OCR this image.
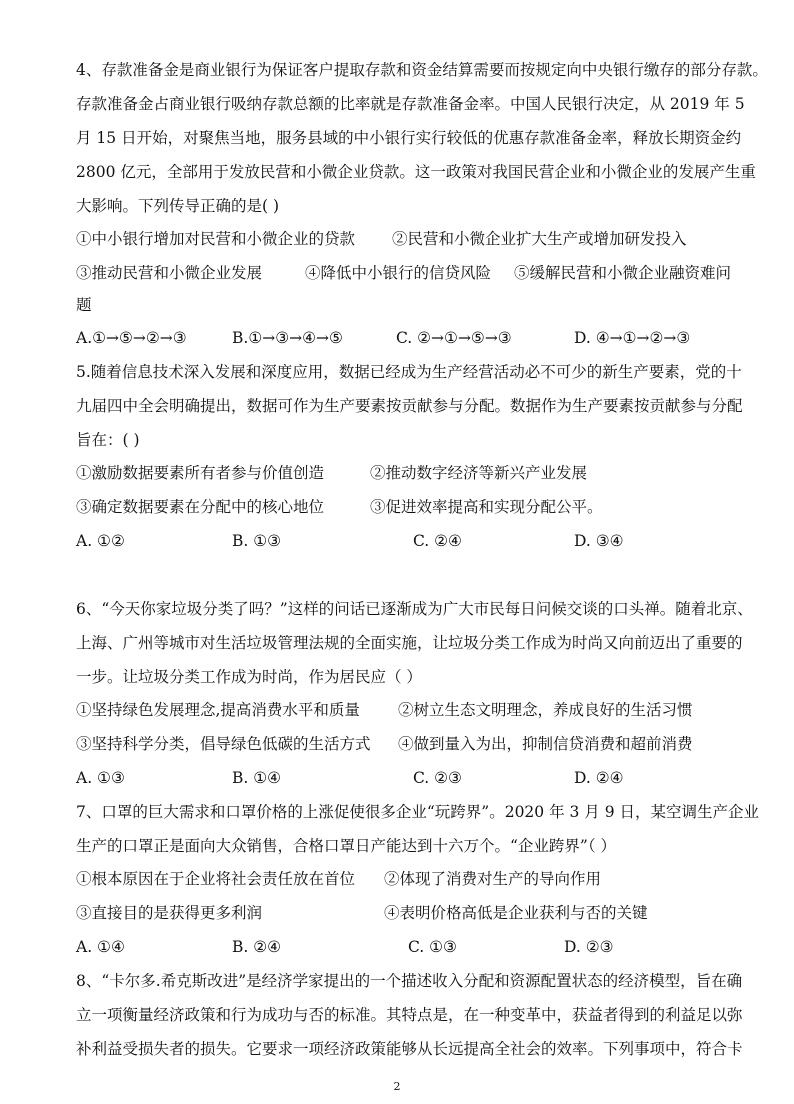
4、存款准备金是商业银行为保证客户提取存款和资金结算需要而按规定向中央银行缴存的部分存款。
存款准备金占商业银行吸纳存款总额的比率就是存款准备金率。中国人民银行决定，从 2019 年 5
月 15 日开始，对聚焦当地，服务县域的中小银行实行较低的优惠存款准备金率，释放长期资金约
2800 亿元，全部用于发放民营和小微企业贷款。这一政策对我国民营企业和小微企业的发展产生重
大影响。下列传导正确的是( )
①中小银行增加对民营和小微企业的贷款 ②民营和小微企业扩大生产或增加研发投入
③推动民营和小微企业发展	④降低中小银行的信贷风险 ⑤缓解民营和小微企业融资难问
题
A.①→⑤→②→③	B.①→③→④→⑤	C. ②→①→⑤→③	D. ④→①→②→③
5.随着信息技术深入发展和深度应用，数据已经成为生产经营活动必不可少的新生产要素，党的十
九届四中全会明确提出，数据可作为生产要素按贡献参与分配。数据作为生产要素按贡献参与分配
旨在：( )
①激励数据要素所有者参与价值创造	②推动数字经济等新兴产业发展
③确定数据要素在分配中的核心地位	③促进效率提高和实现分配公平。
A. ①②	B. ①③	C. ②④	D. ③④
6、“今天你家垃圾分类了吗？”这样的问话已逐渐成为广大市民每日问候交谈的口头禅。随着北京、
上海、广州等城市对生活垃圾管理法规的全面实施，让垃圾分类工作成为时尚又向前迈出了重要的
一步。让垃圾分类工作成为时尚，作为居民应（ ）
①坚持绿色发展理念,提高消费水平和质量 ②树立生态文明理念，养成良好的生活习惯
③坚持科学分类，倡导绿色低碳的生活方式 ④做到量入为出，抑制信贷消费和超前消费
A. ①③	B. ①④	C. ②③	D. ②④
7、口罩的巨大需求和口罩价格的上涨促使很多企业“玩跨界”。2020 年 3 月 9 日，某空调生产企业
生产的口罩正是面向大众销售，合格口罩日产能达到十六万个。“企业跨界”（ ）
①根本原因在于企业将社会责任放在首位 ②体现了消费对生产的导向作用
③直接目的是获得更多利润	④表明价格高低是企业获利与否的关键
A. ①④	B. ②④	C. ①③	D. ②③
8、“卡尔多.希克斯改进”是经济学家提出的一个描述收入分配和资源配置状态的经济模型，旨在确
立一项衡量经济政策和行为成功与否的标准。其特点是，在一种变革中，获益者得到的利益足以弥
补利益受损失者的损失。它要求一项经济政策能够从长远提高全社会的效率。下列事项中，符合卡
2
